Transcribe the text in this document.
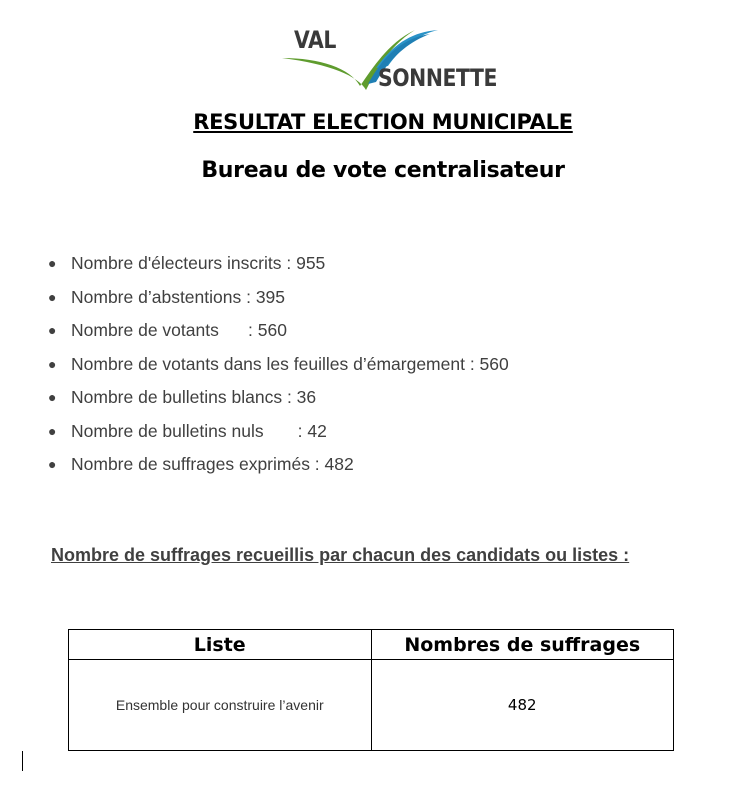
VAL
SONNETTE
RESULTAT ELECTION MUNICIPALE
Bureau de vote centralisateur
● Nombre d'électeurs inscrits : 955
● Nombre d’abstentions : 395
● Nombre de votants      : 560
● Nombre de votants dans les feuilles d’émargement : 560
● Nombre de bulletins blancs : 36
● Nombre de bulletins nuls       : 42
● Nombre de suffrages exprimés : 482
Nombre de suffrages recueillis par chacun des candidats ou listes :
Liste	Nombres de suffrages
Ensemble pour construire l’avenir	482
